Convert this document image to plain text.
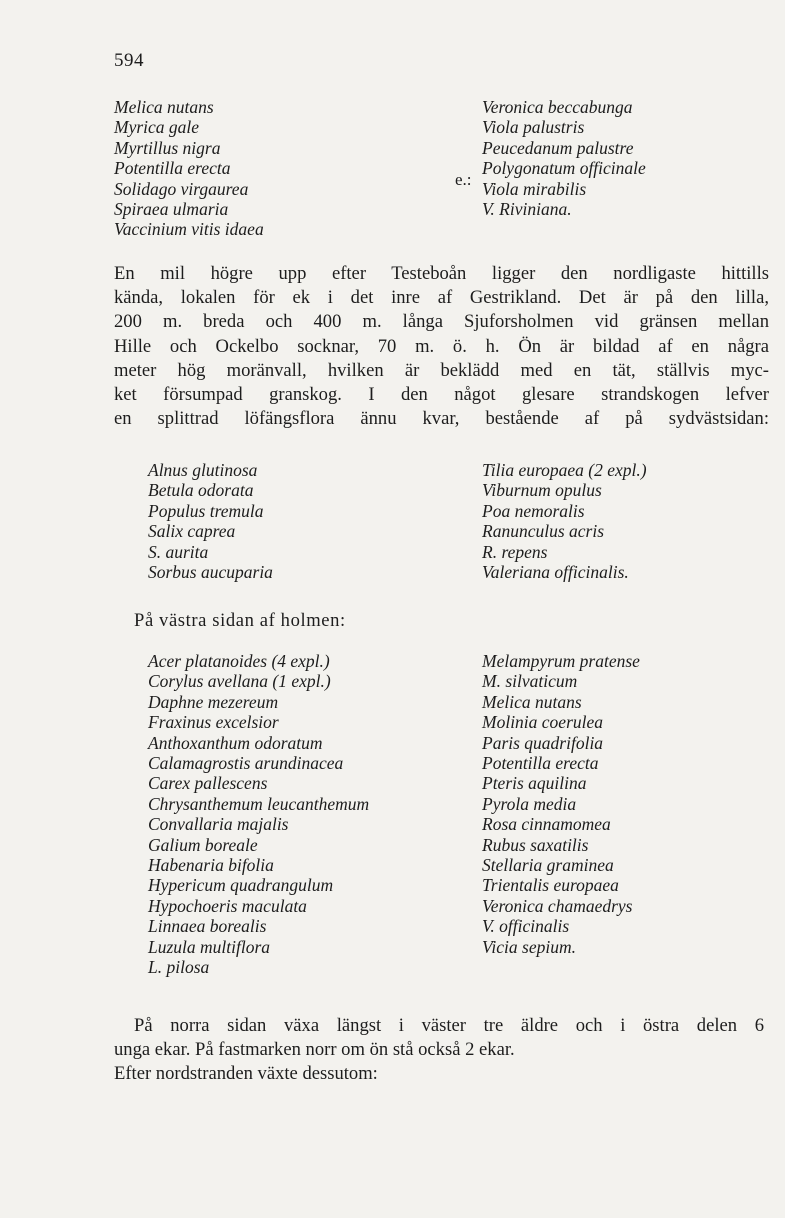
594
Melica nutans
Myrica gale
Myrtillus nigra
Potentilla erecta
Solidago virgaurea
Spiraea ulmaria
Vaccinium vitis idaea
e.:
Veronica beccabunga
Viola palustris
Peucedanum palustre
Polygonatum officinale
Viola mirabilis
V. Riviniana.
En mil högre upp efter Testeboån ligger den nordligaste hittills
kända, lokalen för ek i det inre af Gestrikland. Det är på den lilla,
200 m. breda och 400 m. långa Sjuforsholmen vid gränsen mellan
Hille och Ockelbo socknar, 70 m. ö. h. Ön är bildad af en några
meter hög moränvall, hvilken är beklädd med en tät, ställvis myc-
ket försumpad granskog. I den något glesare strandskogen lefver
en splittrad löfängsflora ännu kvar, bestående af på sydvästsidan:
Alnus glutinosa
Betula odorata
Populus tremula
Salix caprea
S. aurita
Sorbus aucuparia
Tilia europaea (2 expl.)
Viburnum opulus
Poa nemoralis
Ranunculus acris
R. repens
Valeriana officinalis.
På västra sidan af holmen:
Acer platanoides (4 expl.)
Corylus avellana (1 expl.)
Daphne mezereum
Fraxinus excelsior
Anthoxanthum odoratum
Calamagrostis arundinacea
Carex pallescens
Chrysanthemum leucanthemum
Convallaria majalis
Galium boreale
Habenaria bifolia
Hypericum quadrangulum
Hypochoeris maculata
Linnaea borealis
Luzula multiflora
L. pilosa
Melampyrum pratense
M. silvaticum
Melica nutans
Molinia coerulea
Paris quadrifolia
Potentilla erecta
Pteris aquilina
Pyrola media
Rosa cinnamomea
Rubus saxatilis
Stellaria graminea
Trientalis europaea
Veronica chamaedrys
V. officinalis
Vicia sepium.
På norra sidan växa längst i väster tre äldre och i östra delen 6
unga ekar. På fastmarken norr om ön stå också 2 ekar.
Efter nordstranden växte dessutom:
